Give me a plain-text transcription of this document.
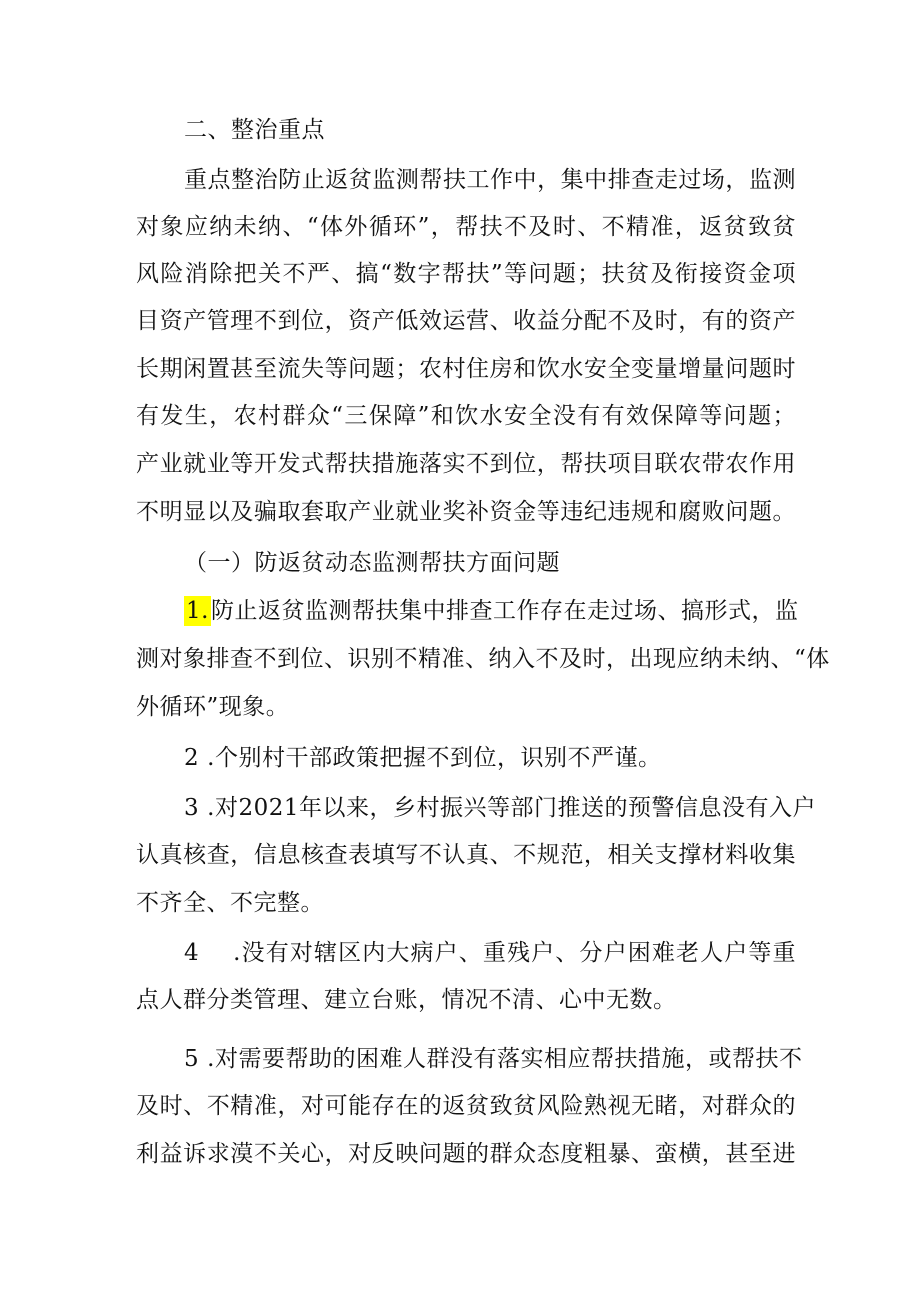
二、整治重点
重点整治防止返贫监测帮扶工作中，集中排查走过场，监测
对象应纳未纳、“体外循环”，帮扶不及时、不精准，返贫致贫
风险消除把关不严、搞“数字帮扶”等问题；扶贫及衔接资金项
目资产管理不到位，资产低效运营、收益分配不及时，有的资产
长期闲置甚至流失等问题；农村住房和饮水安全变量增量问题时
有发生，农村群众“三保障”和饮水安全没有有效保障等问题；
产业就业等开发式帮扶措施落实不到位，帮扶项目联农带农作用
不明显以及骗取套取产业就业奖补资金等违纪违规和腐败问题。
（一）防返贫动态监测帮扶方面问题
1.防止返贫监测帮扶集中排查工作存在走过场、搞形式，监
测对象排查不到位、识别不精准、纳入不及时，出现应纳未纳、“体
外循环”现象。
2 .个别村干部政策把握不到位，识别不严谨。
3 .对2021年以来，乡村振兴等部门推送的预警信息没有入户
认真核查，信息核查表填写不认真、不规范，相关支撑材料收集
不齐全、不完整。
4 .没有对辖区内大病户、重残户、分户困难老人户等重
点人群分类管理、建立台账，情况不清、心中无数。
5 .对需要帮助的困难人群没有落实相应帮扶措施，或帮扶不
及时、不精准，对可能存在的返贫致贫风险熟视无睹，对群众的
利益诉求漠不关心，对反映问题的群众态度粗暴、蛮横，甚至进
